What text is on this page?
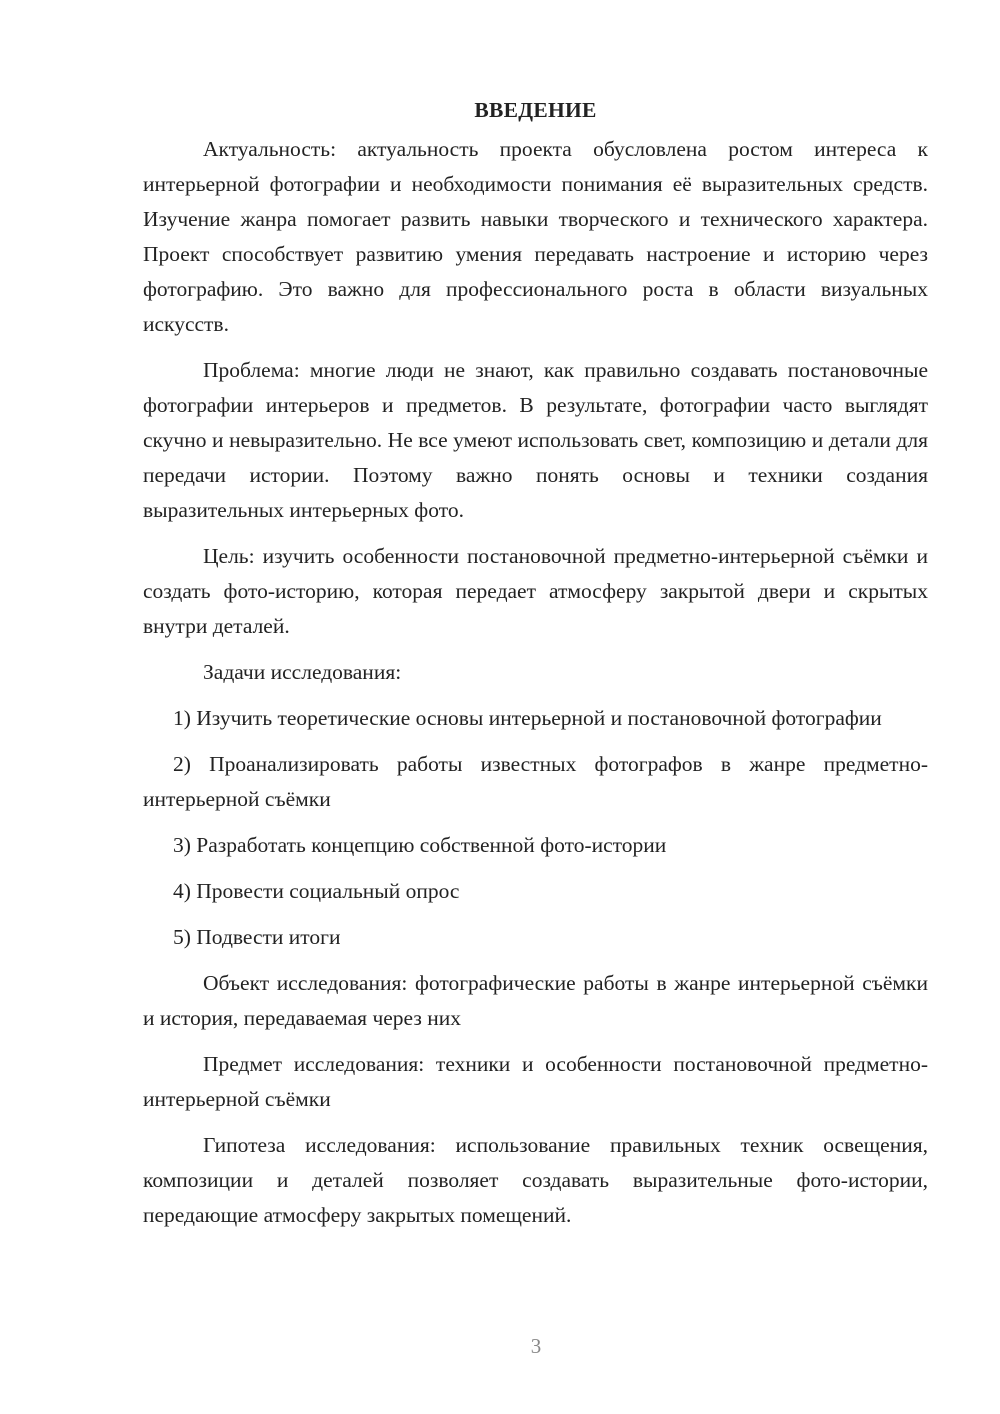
ВВЕДЕНИЕ

Актуальность: актуальность проекта обусловлена ростом интереса к интерьерной фотографии и необходимости понимания её выразительных средств. Изучение жанра помогает развить навыки творческого и технического характера. Проект способствует развитию умения передавать настроение и историю через фотографию. Это важно для профессионального роста в области визуальных искусств.

Проблема: многие люди не знают, как правильно создавать постановочные фотографии интерьеров и предметов. В результате, фотографии часто выглядят скучно и невыразительно. Не все умеют использовать свет, композицию и детали для передачи истории. Поэтому важно понять основы и техники создания выразительных интерьерных фото.

Цель: изучить особенности постановочной предметно-интерьерной съёмки и создать фото-историю, которая передает атмосферу закрытой двери и скрытых внутри деталей.

Задачи исследования:

1) Изучить теоретические основы интерьерной и постановочной фотографии

2) Проанализировать работы известных фотографов в жанре предметно-интерьерной съёмки

3) Разработать концепцию собственной фото-истории

4) Провести социальный опрос

5) Подвести итоги

Объект исследования: фотографические работы в жанре интерьерной съёмки и история, передаваемая через них

Предмет исследования: техники и особенности постановочной предметно-интерьерной съёмки

Гипотеза исследования: использование правильных техник освещения, композиции и деталей позволяет создавать выразительные фото-истории, передающие атмосферу закрытых помещений.

3
